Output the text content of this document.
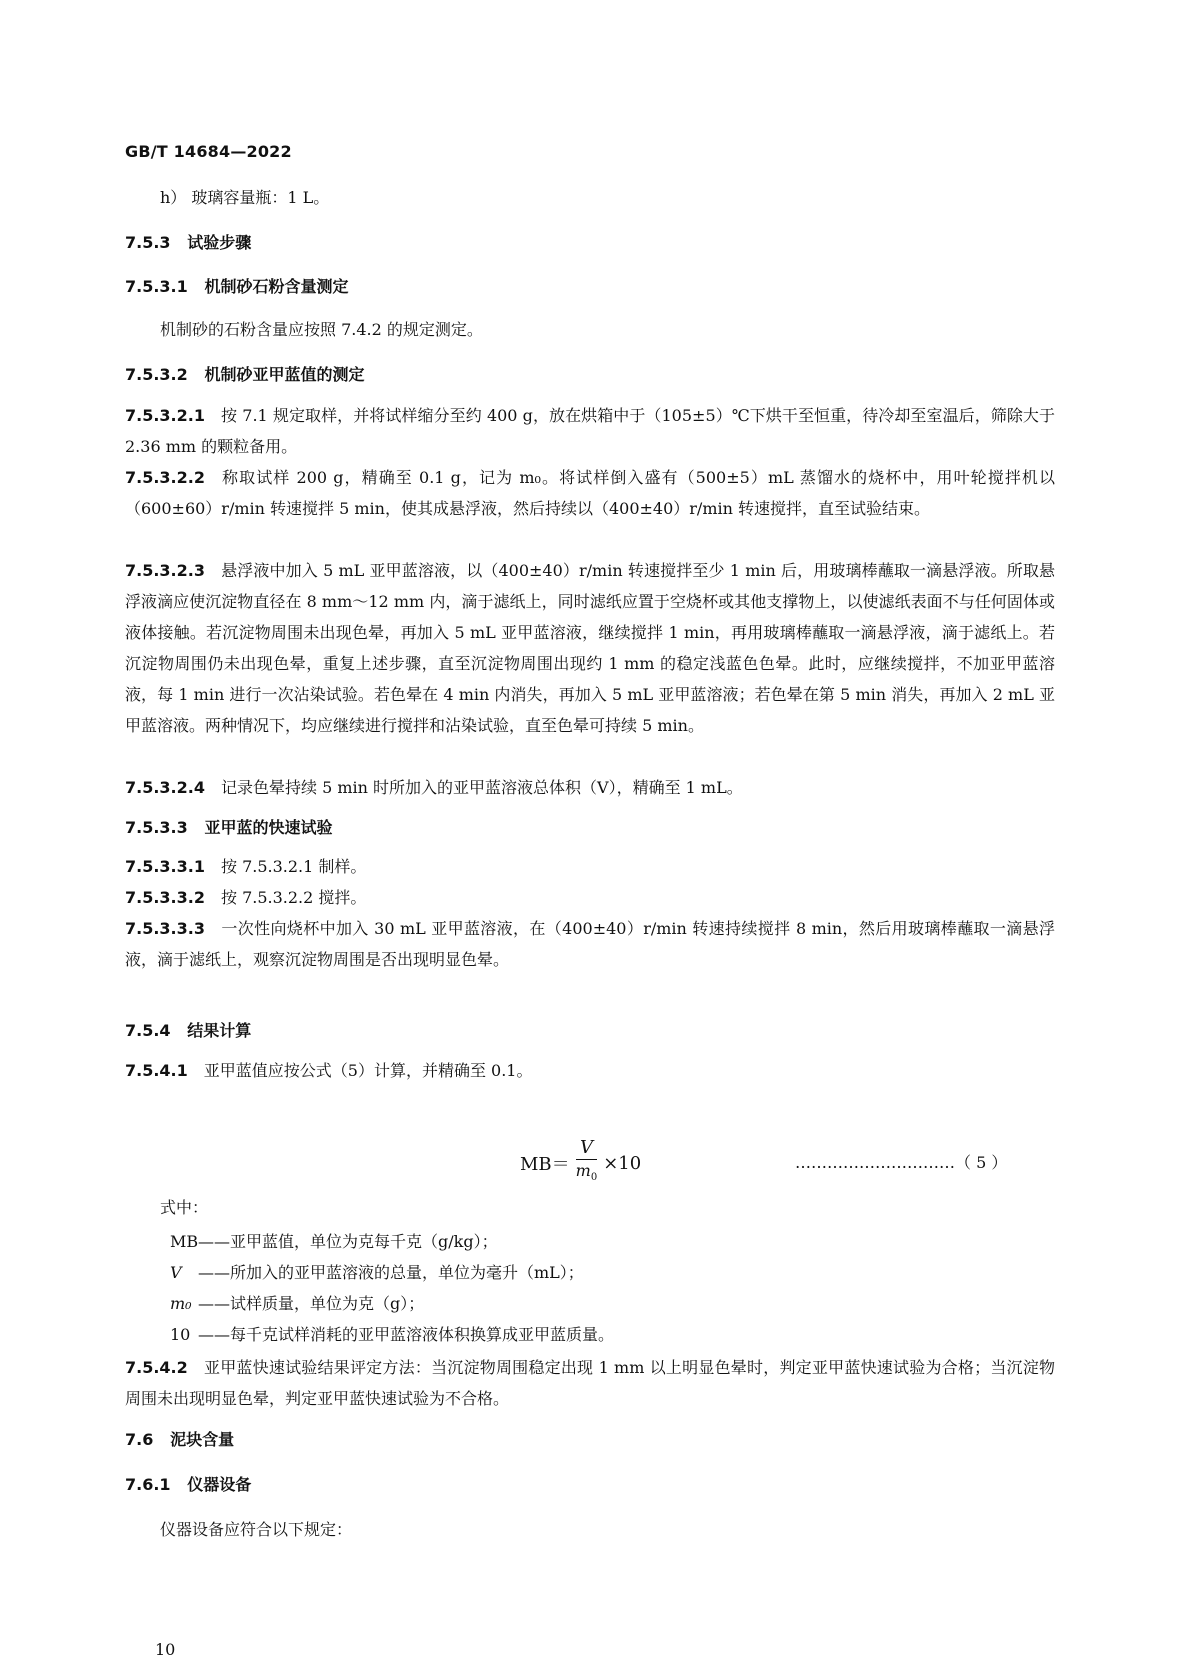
GB/T 14684—2022
h） 玻璃容量瓶：1 L。
7.5.3 试验步骤
7.5.3.1 机制砂石粉含量测定
机制砂的石粉含量应按照 7.4.2 的规定测定。
7.5.3.2 机制砂亚甲蓝值的测定
7.5.3.2.1 按 7.1 规定取样，并将试样缩分至约 400 g，放在烘箱中于（105±5）℃下烘干至恒重，待冷却至室温后，筛除大于 2.36 mm 的颗粒备用。
7.5.3.2.2 称取试样 200 g，精确至 0.1 g，记为 m₀。将试样倒入盛有（500±5）mL 蒸馏水的烧杯中，用叶轮搅拌机以（600±60）r/min 转速搅拌 5 min，使其成悬浮液，然后持续以（400±40）r/min 转速搅拌，直至试验结束。
7.5.3.2.3 悬浮液中加入 5 mL 亚甲蓝溶液，以（400±40）r/min 转速搅拌至少 1 min 后，用玻璃棒蘸取一滴悬浮液。所取悬浮液滴应使沉淀物直径在 8 mm～12 mm 内，滴于滤纸上，同时滤纸应置于空烧杯或其他支撑物上，以使滤纸表面不与任何固体或液体接触。若沉淀物周围未出现色晕，再加入 5 mL 亚甲蓝溶液，继续搅拌 1 min，再用玻璃棒蘸取一滴悬浮液，滴于滤纸上。若沉淀物周围仍未出现色晕，重复上述步骤，直至沉淀物周围出现约 1 mm 的稳定浅蓝色色晕。此时，应继续搅拌，不加亚甲蓝溶液，每 1 min 进行一次沾染试验。若色晕在 4 min 内消失，再加入 5 mL 亚甲蓝溶液；若色晕在第 5 min 消失，再加入 2 mL 亚甲蓝溶液。两种情况下，均应继续进行搅拌和沾染试验，直至色晕可持续 5 min。
7.5.3.2.4 记录色晕持续 5 min 时所加入的亚甲蓝溶液总体积（V），精确至 1 mL。
7.5.3.3 亚甲蓝的快速试验
7.5.3.3.1 按 7.5.3.2.1 制样。
7.5.3.3.2 按 7.5.3.2.2 搅拌。
7.5.3.3.3 一次性向烧杯中加入 30 mL 亚甲蓝溶液，在（400±40）r/min 转速持续搅拌 8 min，然后用玻璃棒蘸取一滴悬浮液，滴于滤纸上，观察沉淀物周围是否出现明显色晕。
7.5.4 结果计算
7.5.4.1 亚甲蓝值应按公式（5）计算，并精确至 0.1。
$MB= \frac{V}{m_0} \times 10$	…………………………（ 5 ）
式中：
MB——亚甲蓝值，单位为克每千克（g/kg）；
V ——所加入的亚甲蓝溶液的总量，单位为毫升（mL）；
m₀ ——试样质量，单位为克（g）；
10 ——每千克试样消耗的亚甲蓝溶液体积换算成亚甲蓝质量。
7.5.4.2 亚甲蓝快速试验结果评定方法：当沉淀物周围稳定出现 1 mm 以上明显色晕时，判定亚甲蓝快速试验为合格；当沉淀物周围未出现明显色晕，判定亚甲蓝快速试验为不合格。
7.6 泥块含量
7.6.1 仪器设备
仪器设备应符合以下规定：
10
